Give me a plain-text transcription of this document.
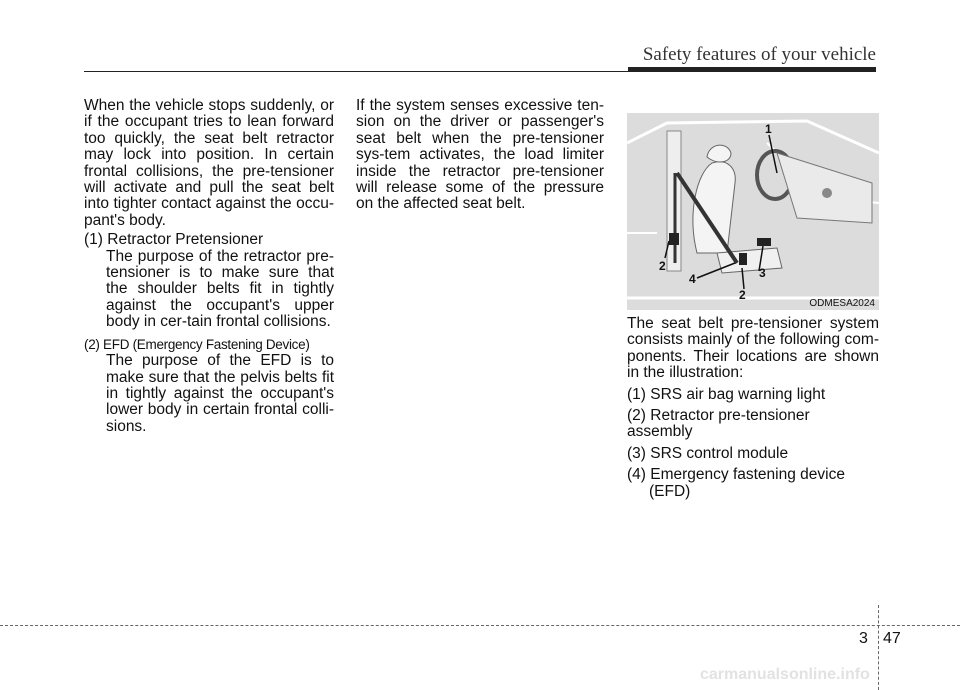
Safety features of your vehicle

When the vehicle stops suddenly, or if the occupant tries to lean forward too quickly, the seat belt retractor may lock into position. In certain frontal collisions, the pre-tensioner will activate and pull the seat belt into tighter contact against the occu-pant's body.

(1) Retractor Pretensioner

The purpose of the retractor pre-tensioner is to make sure that the shoulder belts fit in tightly against the occupant's upper body in cer-tain frontal collisions.

(2) EFD (Emergency Fastening Device)

The purpose of the EFD is to make sure that the pelvis belts fit in tightly against the occupant's lower body in certain frontal colli-sions.

If the system senses excessive ten-sion on the driver or passenger's seat belt when the pre-tensioner sys-tem activates, the load limiter inside the retractor pre-tensioner will release some of the pressure on the affected seat belt.

1
2
4	3
2
ODMESA2024

The seat belt pre-tensioner system consists mainly of the following com-ponents. Their locations are shown in the illustration:

(1) SRS air bag warning light

(2) Retractor pre-tensioner assembly

(3) SRS control module

(4) Emergency fastening device (EFD)

3 47
carmanualsonline.info
